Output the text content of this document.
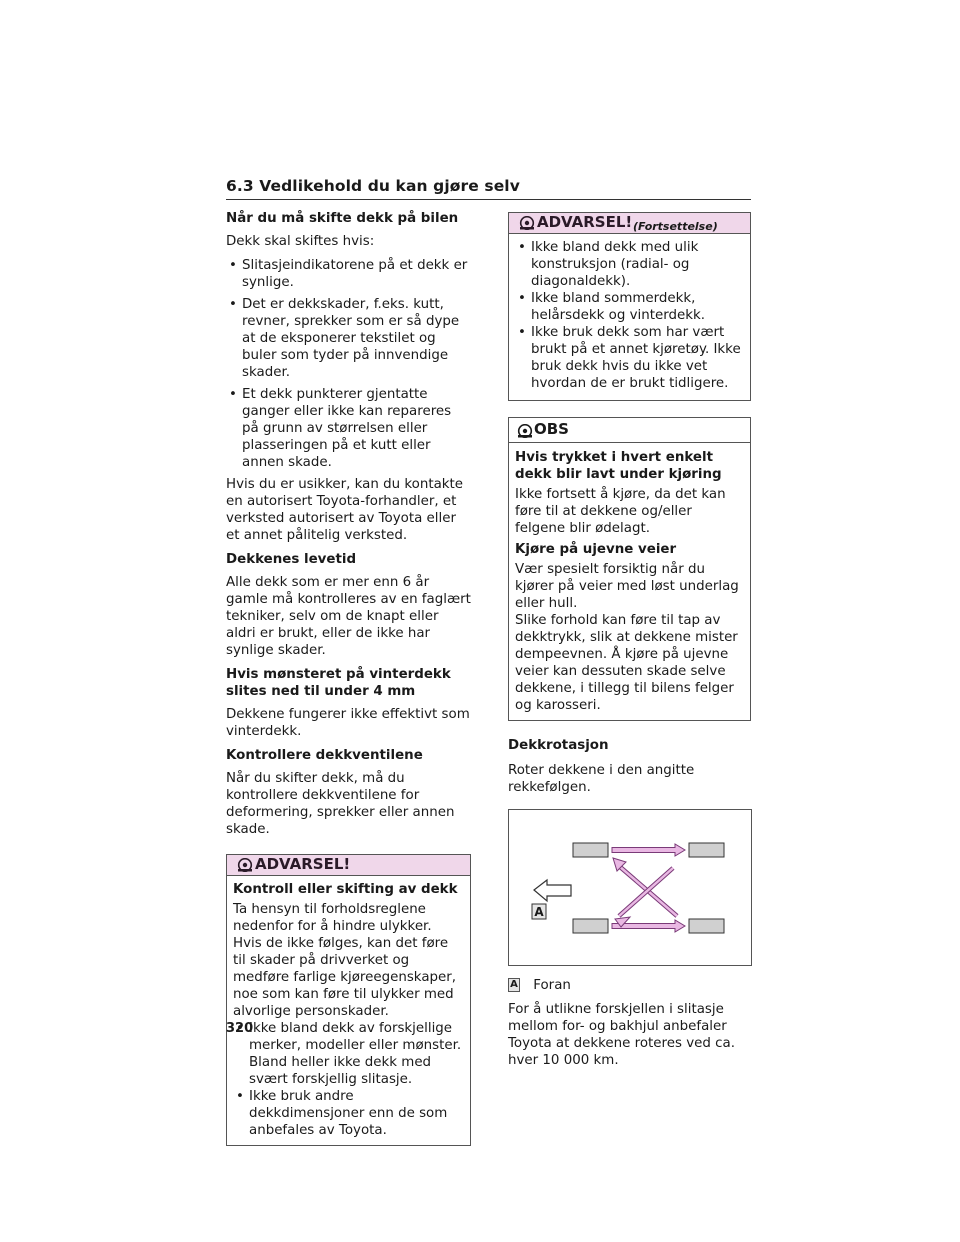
6.3 Vedlikehold du kan gjøre selv
Når du må skifte dekk på bilen

Dekk skal skiftes hvis:

• Slitasjeindikatorene på et dekk er synlige.
• Det er dekkskader, f.eks. kutt, revner, sprekker som er så dype at de eksponerer tekstilet og buler som tyder på innvendige skader.
• Et dekk punkterer gjentatte ganger eller ikke kan repareres på grunn av størrelsen eller plasseringen på et kutt eller annen skade.

Hvis du er usikker, kan du kontakte en autorisert Toyota-forhandler, et verksted autorisert av Toyota eller et annet pålitelig verksted.

Dekkenes levetid

Alle dekk som er mer enn 6 år gamle må kontrolleres av en faglært tekniker, selv om de knapt eller aldri er brukt, eller de ikke har synlige skader.

Hvis mønsteret på vinterdekk slites ned til under 4 mm

Dekkene fungerer ikke effektivt som vinterdekk.

Kontrollere dekkventilene

Når du skifter dekk, må du kontrollere dekkventilene for deformering, sprekker eller annen skade.

ADVARSEL!
Kontroll eller skifting av dekk

Ta hensyn til forholdsreglene nedenfor for å hindre ulykker. Hvis de ikke følges, kan det føre til skader på drivverket og medføre farlige kjøreegenskaper, noe som kan føre til ulykker med alvorlige personskader.

• Ikke bland dekk av forskjellige merker, modeller eller mønster. Bland heller ikke dekk med svært forskjellig slitasje.
• Ikke bruk andre dekkdimensjoner enn de som anbefales av Toyota.
ADVARSEL! (Fortsettelse)
• Ikke bland dekk med ulik konstruksjon (radial- og diagonaldekk).
• Ikke bland sommerdekk, helårsdekk og vinterdekk.
• Ikke bruk dekk som har vært brukt på et annet kjøretøy. Ikke bruk dekk hvis du ikke vet hvordan de er brukt tidligere.
OBS
Hvis trykket i hvert enkelt dekk blir lavt under kjøring

Ikke fortsett å kjøre, da det kan føre til at dekkene og/eller felgene blir ødelagt.

Kjøre på ujevne veier

Vær spesielt forsiktig når du kjører på veier med løst underlag eller hull.

Slike forhold kan føre til tap av dekktrykk, slik at dekkene mister dempeevnen. Å kjøre på ujevne veier kan dessuten skade selve dekkene, i tillegg til bilens felger og karosseri.

Dekkrotasjon

Roter dekkene i den angitte rekkefølgen.

A

A Foran

For å utlikne forskjellen i slitasje mellom for- og bakhjul anbefaler Toyota at dekkene roteres ved ca. hver 10 000 km.

320
